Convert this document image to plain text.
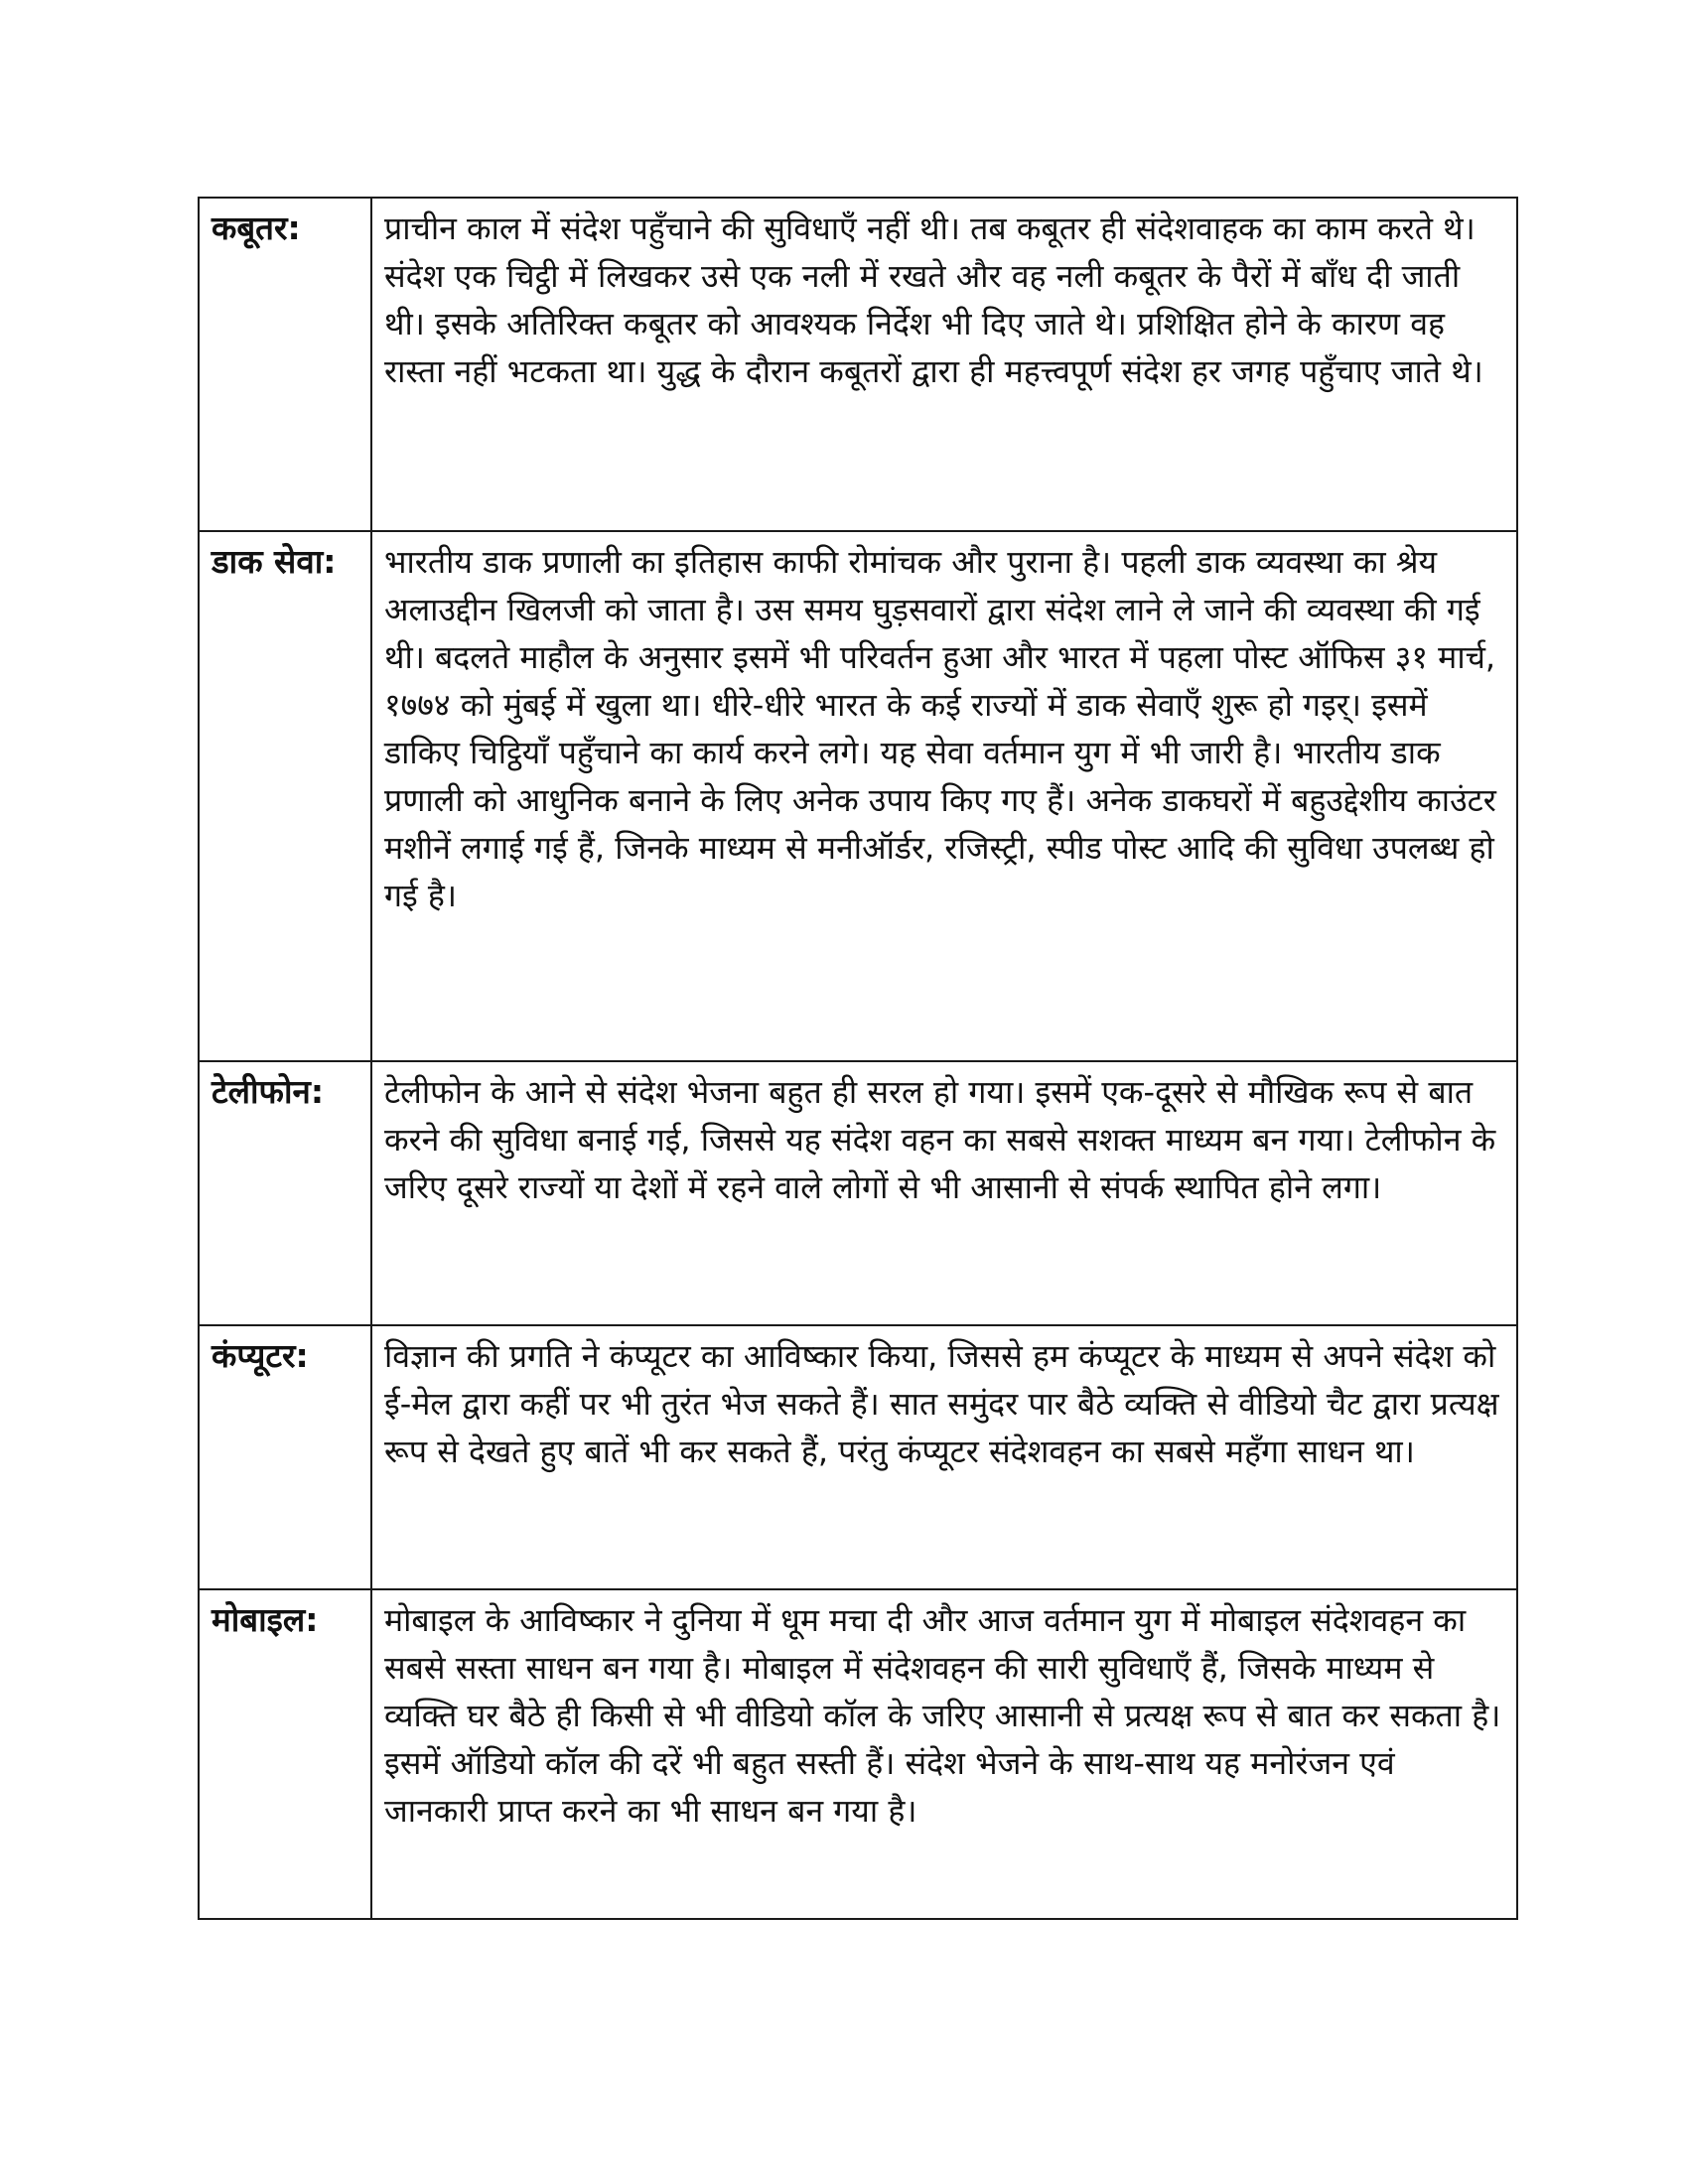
कबूतर:	प्राचीन काल में संदेश पहुँचाने की सुविधाएँ नहीं थी। तब कबूतर ही संदेशवाहक का काम करते थे। संदेश एक चिट्ठी में लिखकर उसे एक नली में रखते और वह नली कबूतर के पैरों में बाँध दी जाती थी। इसके अतिरिक्त कबूतर को आवश्यक निर्देश भी दिए जाते थे। प्रशिक्षित होने के कारण वह रास्ता नहीं भटकता था। युद्ध के दौरान कबूतरों द्वारा ही महत्त्वपूर्ण संदेश हर जगह पहुँचाए जाते थे।
डाक सेवा:	भारतीय डाक प्रणाली का इतिहास काफी रोमांचक और पुराना है। पहली डाक व्यवस्था का श्रेय अलाउद्दीन खिलजी को जाता है। उस समय घुड़सवारों द्वारा संदेश लाने ले जाने की व्यवस्था की गई थी। बदलते माहौल के अनुसार इसमें भी परिवर्तन हुआ और भारत में पहला पोस्ट ऑफिस ३१ मार्च, १७७४ को मुंबई में खुला था। धीरे-धीरे भारत के कई राज्यों में डाक सेवाएँ शुरू हो गइर्। इसमें डाकिए चिट्ठियाँ पहुँचाने का कार्य करने लगे। यह सेवा वर्तमान युग में भी जारी है। भारतीय डाक प्रणाली को आधुनिक बनाने के लिए अनेक उपाय किए गए हैं। अनेक डाकघरों में बहुउद्देशीय काउंटर मशीनें लगाई गई हैं, जिनके माध्यम से मनीऑर्डर, रजिस्ट्री, स्पीड पोस्ट आदि की सुविधा उपलब्ध हो गई है।
टेलीफोन:	टेलीफोन के आने से संदेश भेजना बहुत ही सरल हो गया। इसमें एक-दूसरे से मौखिक रूप से बात करने की सुविधा बनाई गई, जिससे यह संदेश वहन का सबसे सशक्त माध्यम बन गया। टेलीफोन के जरिए दूसरे राज्यों या देशों में रहने वाले लोगों से भी आसानी से संपर्क स्थापित होने लगा।
कंप्यूटर:	विज्ञान की प्रगति ने कंप्यूटर का आविष्कार किया, जिससे हम कंप्यूटर के माध्यम से अपने संदेश को ई-मेल द्वारा कहीं पर भी तुरंत भेज सकते हैं। सात समुंदर पार बैठे व्यक्ति से वीडियो चैट द्वारा प्रत्यक्ष रूप से देखते हुए बातें भी कर सकते हैं, परंतु कंप्यूटर संदेशवहन का सबसे महँगा साधन था।
मोबाइल:	मोबाइल के आविष्कार ने दुनिया में धूम मचा दी और आज वर्तमान युग में मोबाइल संदेशवहन का सबसे सस्ता साधन बन गया है। मोबाइल में संदेशवहन की सारी सुविधाएँ हैं, जिसके माध्यम से व्यक्ति घर बैठे ही किसी से भी वीडियो कॉल के जरिए आसानी से प्रत्यक्ष रूप से बात कर सकता है। इसमें ऑडियो कॉल की दरें भी बहुत सस्ती हैं। संदेश भेजने के साथ-साथ यह मनोरंजन एवं जानकारी प्राप्त करने का भी साधन बन गया है।
